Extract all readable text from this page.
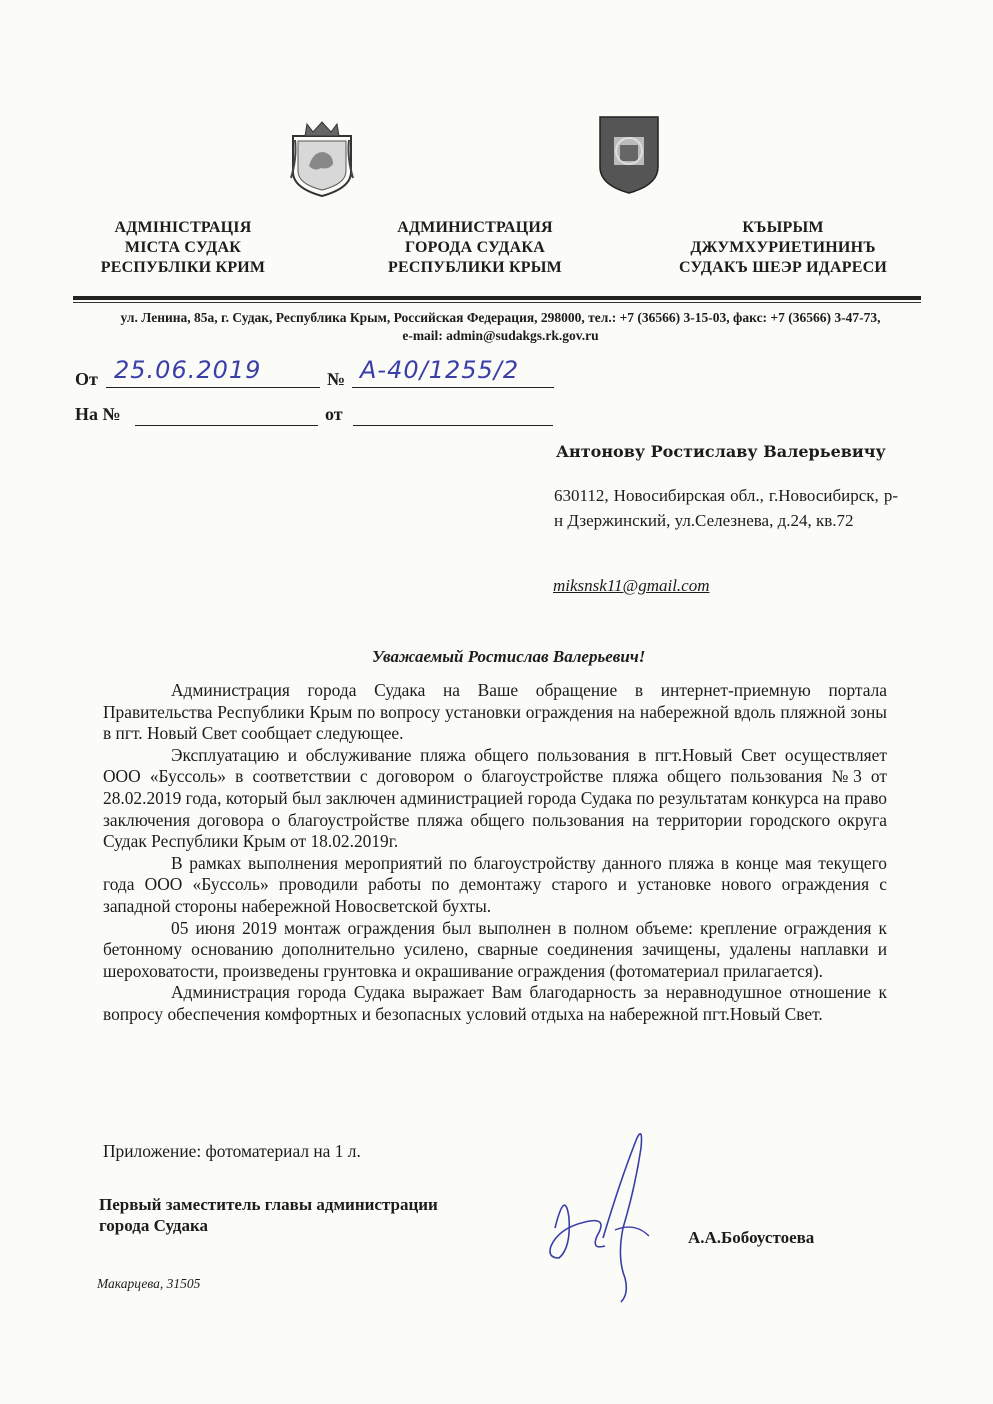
АДМІНІСТРАЦІЯ
МІСТА СУДАК
РЕСПУБЛІКИ КРИМ
АДМИНИСТРАЦИЯ
ГОРОДА СУДАКА
РЕСПУБЛИКИ КРЫМ
КЪЫРЫМ
ДЖУМХУРИЕТИНИНЪ
СУДАКЪ ШЕЭР ИДАРЕСИ
ул. Ленина, 85а, г. Судак, Республика Крым, Российская Федерация, 298000, тел.: +7 (36566) 3-15-03, факс: +7 (36566) 3-47-73,
e-mail: admin@sudakgs.rk.gov.ru
От 25.06.2019	№ А-40/1255/2
На №	от
Антонову Ростиславу Валерьевичу
630112, Новосибирская обл., г.Новосибирск, р-н Дзержинский, ул.Селезнева, д.24, кв.72
miksnsk11@gmail.com
Уважаемый Ростислав Валерьевич!

Администрация города Судака на Ваше обращение в интернет-приемную портала Правительства Республики Крым по вопросу установки ограждения на набережной вдоль пляжной зоны в пгт. Новый Свет сообщает следующее.

Эксплуатацию и обслуживание пляжа общего пользования в пгт.Новый Свет осуществляет ООО «Буссоль» в соответствии с договором о благоустройстве пляжа общего пользования №3 от 28.02.2019 года, который был заключен администрацией города Судака по результатам конкурса на право заключения договора о благоустройстве пляжа общего пользования на территории городского округа Судак Республики Крым от 18.02.2019г.

В рамках выполнения мероприятий по благоустройству данного пляжа в конце мая текущего года ООО «Буссоль» проводили работы по демонтажу старого и установке нового ограждения с западной стороны набережной Новосветской бухты.

05 июня 2019 монтаж ограждения был выполнен в полном объеме: крепление ограждения к бетонному основанию дополнительно усилено, сварные соединения зачищены, удалены наплавки и шероховатости, произведены грунтовка и окрашивание ограждения (фотоматериал прилагается).

Администрация города Судака выражает Вам благодарность за неравнодушное отношение к вопросу обеспечения комфортных и безопасных условий отдыха на набережной пгт.Новый Свет.

Приложение: фотоматериал на 1 л.
Первый заместитель главы администрации
города Судака
А.А.Бобоустоева
Макарцева, 31505
